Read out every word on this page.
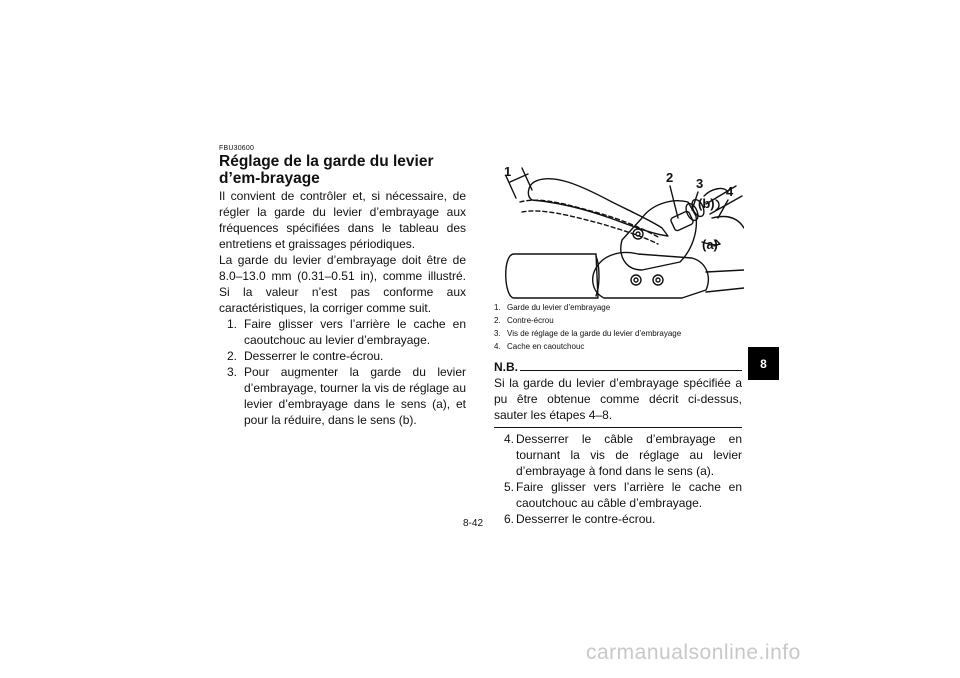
FBU30600
Réglage de la garde du levier d’em-brayage

Il convient de contrôler et, si nécessaire, de régler la garde du levier d’embrayage aux fréquences spécifiées dans le tableau des entretiens et graissages périodiques.

La garde du levier d’embrayage doit être de 8.0–13.0 mm (0.31–0.51 in), comme illustré. Si la valeur n’est pas conforme aux caractéristiques, la corriger comme suit.

1. Faire glisser vers l’arrière le cache en caoutchouc au levier d’embrayage.
2. Desserrer le contre-écrou.
3. Pour augmenter la garde du levier d’embrayage, tourner la vis de réglage au levier d’embrayage dans le sens (a), et pour la réduire, dans le sens (b).
1	2 3
4
(b)
(a)
1. Garde du levier d’embrayage
2. Contre-écrou
3. Vis de réglage de la garde du levier d’embrayage
4. Cache en caoutchouc
N.B.
Si la garde du levier d’embrayage spécifiée a pu être obtenue comme décrit ci-dessus, sauter les étapes 4–8.
4. Desserrer le câble d’embrayage en tournant la vis de réglage au levier d’embrayage à fond dans le sens (a).
5. Faire glisser vers l’arrière le cache en caoutchouc au câble d’embrayage.
6. Desserrer le contre-écrou.
8
8-42
carmanualsonline.info
